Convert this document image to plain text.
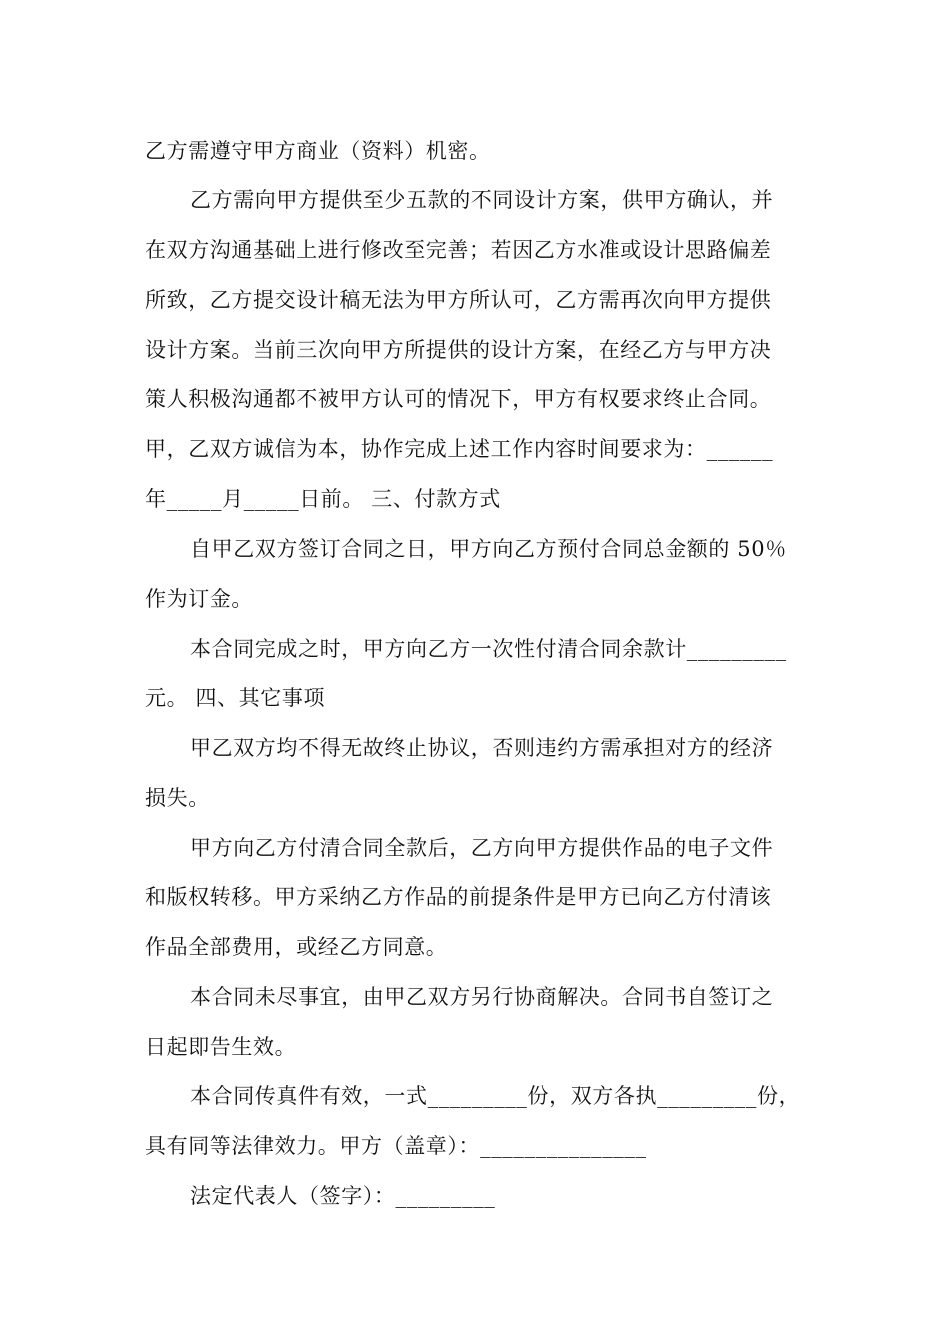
乙方需遵守甲方商业（资料）机密。
乙方需向甲方提供至少五款的不同设计方案，供甲方确认，并
在双方沟通基础上进行修改至完善；若因乙方水准或设计思路偏差
所致，乙方提交设计稿无法为甲方所认可，乙方需再次向甲方提供
设计方案。当前三次向甲方所提供的设计方案，在经乙方与甲方决
策人积极沟通都不被甲方认可的情况下，甲方有权要求终止合同。
甲，乙双方诚信为本，协作完成上述工作内容时间要求为：______
年_____月_____日前。 三、付款方式
自甲乙双方签订合同之日，甲方向乙方预付合同总金额的 50％
作为订金。
本合同完成之时，甲方向乙方一次性付清合同余款计_________
元。 四、其它事项
甲乙双方均不得无故终止协议，否则违约方需承担对方的经济
损失。
甲方向乙方付清合同全款后，乙方向甲方提供作品的电子文件
和版权转移。甲方采纳乙方作品的前提条件是甲方已向乙方付清该
作品全部费用，或经乙方同意。
本合同未尽事宜，由甲乙双方另行协商解决。合同书自签订之
日起即告生效。
本合同传真件有效，一式_________份，双方各执_________份，
具有同等法律效力。甲方（盖章）：_______________
法定代表人（签字）：_________
